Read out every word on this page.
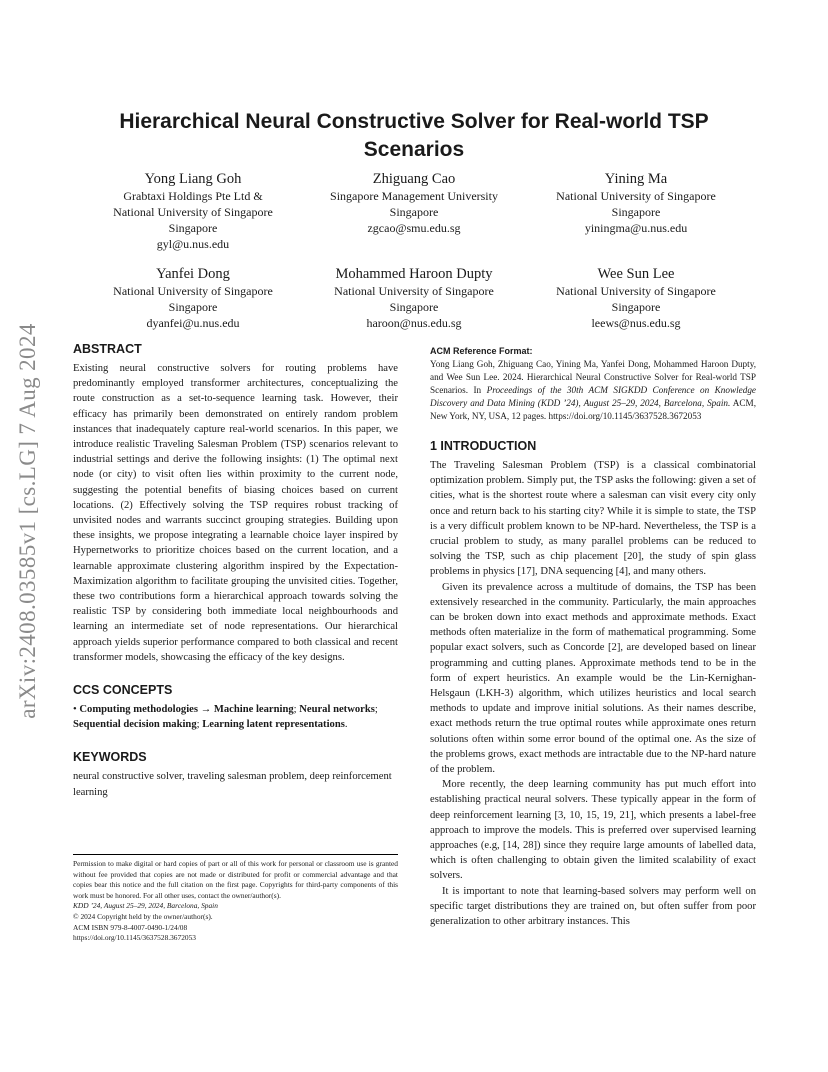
arXiv:2408.03585v1 [cs.LG] 7 Aug 2024
Hierarchical Neural Constructive Solver for Real-world TSP Scenarios
Yong Liang Goh
Grabtaxi Holdings Pte Ltd &
National University of Singapore
Singapore
gyl@u.nus.edu
Zhiguang Cao
Singapore Management University
Singapore
zgcao@smu.edu.sg
Yining Ma
National University of Singapore
Singapore
yiningma@u.nus.edu
Yanfei Dong
National University of Singapore
Singapore
dyanfei@u.nus.edu
Mohammed Haroon Dupty
National University of Singapore
Singapore
haroon@nus.edu.sg
Wee Sun Lee
National University of Singapore
Singapore
leews@nus.edu.sg
ABSTRACT
Existing neural constructive solvers for routing problems have predominantly employed transformer architectures, conceptualizing the route construction as a set-to-sequence learning task. However, their efficacy has primarily been demonstrated on entirely random problem instances that inadequately capture real-world scenarios. In this paper, we introduce realistic Traveling Salesman Problem (TSP) scenarios relevant to industrial settings and derive the following insights: (1) The optimal next node (or city) to visit often lies within proximity to the current node, suggesting the potential benefits of biasing choices based on current locations. (2) Effectively solving the TSP requires robust tracking of unvisited nodes and warrants succinct grouping strategies. Building upon these insights, we propose integrating a learnable choice layer inspired by Hypernetworks to prioritize choices based on the current location, and a learnable approximate clustering algorithm inspired by the Expectation-Maximization algorithm to facilitate grouping the unvisited cities. Together, these two contributions form a hierarchical approach towards solving the realistic TSP by considering both immediate local neighbourhoods and learning an intermediate set of node representations. Our hierarchical approach yields superior performance compared to both classical and recent transformer models, showcasing the efficacy of the key designs.
CCS CONCEPTS
• Computing methodologies → Machine learning; Neural networks; Sequential decision making; Learning latent representations.
KEYWORDS
neural constructive solver, traveling salesman problem, deep reinforcement learning
Permission to make digital or hard copies of part or all of this work for personal or classroom use is granted without fee provided that copies are not made or distributed for profit or commercial advantage and that copies bear this notice and the full citation on the first page. Copyrights for third-party components of this work must be honored. For all other uses, contact the owner/author(s).
KDD ’24, August 25–29, 2024, Barcelona, Spain
© 2024 Copyright held by the owner/author(s).
ACM ISBN 979-8-4007-0490-1/24/08
https://doi.org/10.1145/3637528.3672053
ACM Reference Format:
Yong Liang Goh, Zhiguang Cao, Yining Ma, Yanfei Dong, Mohammed Haroon Dupty, and Wee Sun Lee. 2024. Hierarchical Neural Constructive Solver for Real-world TSP Scenarios. In Proceedings of the 30th ACM SIGKDD Conference on Knowledge Discovery and Data Mining (KDD ’24), August 25–29, 2024, Barcelona, Spain. ACM, New York, NY, USA, 12 pages. https://doi.org/10.1145/3637528.3672053
1 INTRODUCTION
The Traveling Salesman Problem (TSP) is a classical combinatorial optimization problem. Simply put, the TSP asks the following: given a set of cities, what is the shortest route where a salesman can visit every city only once and return back to his starting city? While it is simple to state, the TSP is a very difficult problem known to be NP-hard. Nevertheless, the TSP is a crucial problem to study, as many parallel problems can be reduced to solving the TSP, such as chip placement [20], the study of spin glass problems in physics [17], DNA sequencing [4], and many others.
Given its prevalence across a multitude of domains, the TSP has been extensively researched in the community. Particularly, the main approaches can be broken down into exact methods and approximate methods. Exact methods often materialize in the form of mathematical programming. Some popular exact solvers, such as Concorde [2], are developed based on linear programming and cutting planes. Approximate methods tend to be in the form of expert heuristics. An example would be the Lin-Kernighan-Helsgaun (LKH-3) algorithm, which utilizes heuristics and local search methods to update and improve initial solutions. As their names describe, exact methods return the true optimal routes while approximate ones return solutions often within some error bound of the optimal one. As the size of the problems grows, exact methods are intractable due to the NP-hard nature of the problem.
More recently, the deep learning community has put much effort into establishing practical neural solvers. These typically appear in the form of deep reinforcement learning [3, 10, 15, 19, 21], which presents a label-free approach to improve the models. This is preferred over supervised learning approaches (e.g, [14, 28]) since they require large amounts of labelled data, which is often challenging to obtain given the limited scalability of exact solvers.
It is important to note that learning-based solvers may perform well on specific target distributions they are trained on, but often suffer from poor generalization to other arbitrary instances. This
